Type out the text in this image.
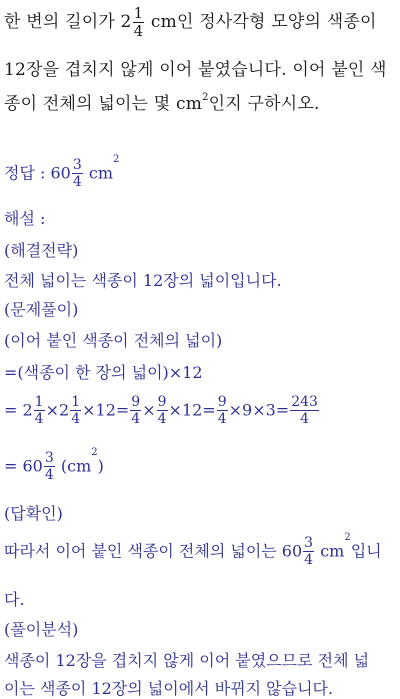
한 변의 길이가 $2 \frac{1}{4}$ cm인 정사각형 모양의 색종이
12장을 겹치지 않게 이어 붙였습니다. 이어 붙인 색
종이 전체의 넓이는 몇 $cm^2$인지 구하시오.
정답 : $60 \frac{3}{4} cm^2$
해설 :
(해결전략)
전체 넓이는 색종이 12장의 넓이입니다.
(문제풀이)
(이어 붙인 색종이 전체의 넓이)
=(색종이 한 장의 넓이)×12
= $2 \frac{1}{4} \times 2 \frac{1}{4} \times 12= \frac{9}{4} \times \frac{9}{4} \times 12= \frac{9}{4} \times 9\times 3= \frac{243}{4}$
= $60 \frac{3}{4} (cm^2)$
(답확인)
따라서 이어 붙인 색종이 전체의 넓이는 $60 \frac{3}{4} cm^2$입니
다.
(풀이분석)
색종이 12장을 겹치지 않게 이어 붙였으므로 전체 넓
이는 색종이 12장의 넓이에서 바뀌지 않습니다.
